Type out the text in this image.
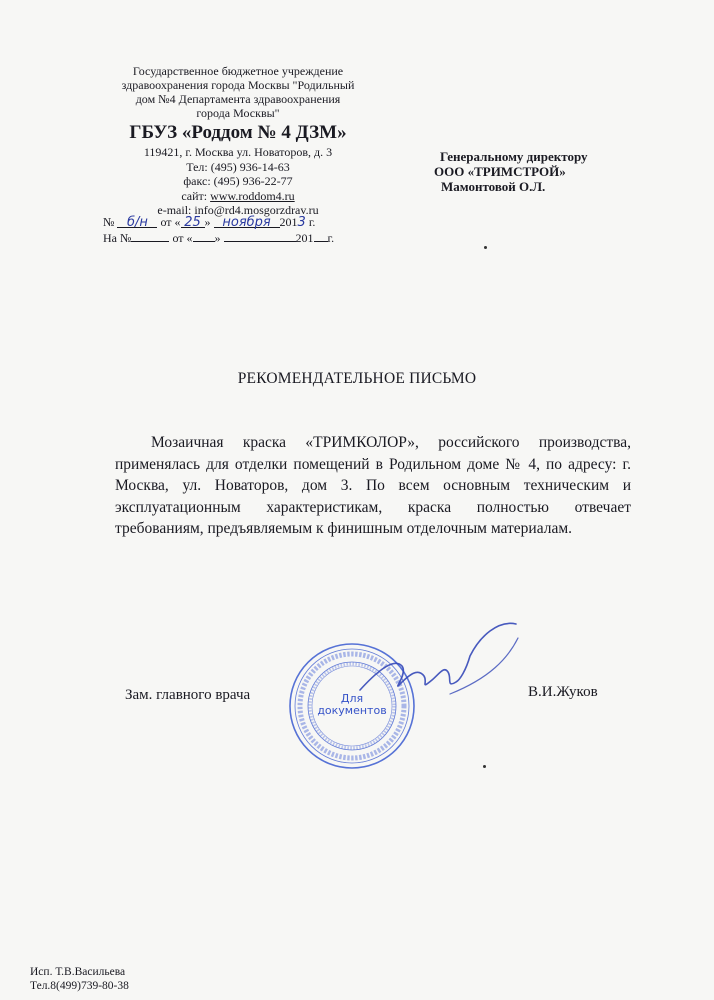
Государственное бюджетное учреждение
здравоохранения города Москвы "Родильный
дом №4 Департамента здравоохранения
города Москвы"
ГБУЗ «Роддом № 4 ДЗМ»
119421, г. Москва ул. Новаторов, д. 3
Тел: (495) 936-14-63
факс: (495) 936-22-77
сайт: www.roddom4.ru
e-mail: info@rd4.mosgorzdrav.ru
№ б/н от « 25 » ноября 2013 г.
На №	от « »	201 г.
Генеральному директору
ООО «ТРИМСТРОЙ»
Мамонтовой О.Л.
РЕКОМЕНДАТЕЛЬНОЕ ПИСЬМО
Мозаичная краска «ТРИМКОЛОР», российского производства, применялась для отделки помещений в Родильном доме № 4, по адресу: г. Москва, ул. Новаторов, дом 3. По всем основным техническим и эксплуатационным характеристикам, краска полностью отвечает требованиям, предъявляемым к финишным отделочным материалам.
Зам. главного врача	В.И.Жуков
Для документов
Исп. Т.В.Васильева
Тел.8(499)739-80-38
